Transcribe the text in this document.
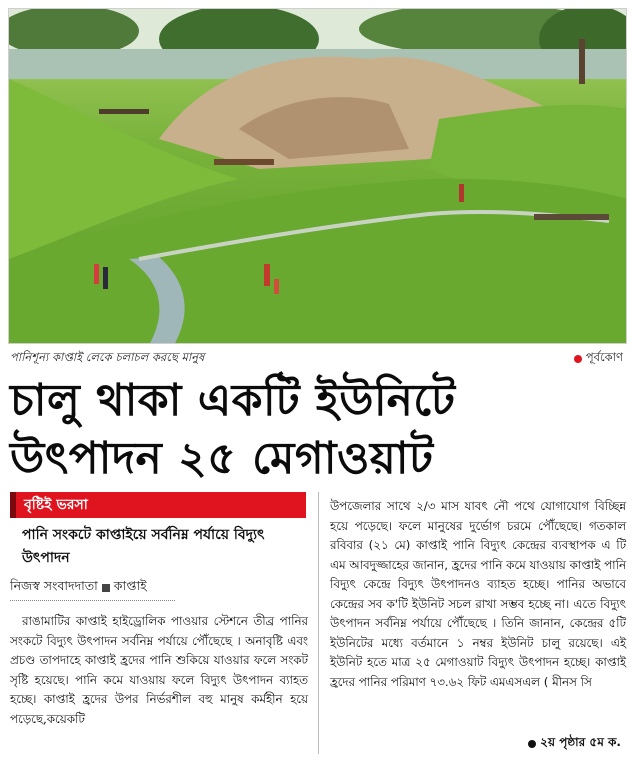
পানিশূন্য কাপ্তাই লেকে চলাচল করছে মানুষ	পূর্বকোণ
চালু থাকা একটি ইউনিটে
উৎপাদন ২৫ মেগাওয়াট
বৃষ্টিই ভরসা
পানি সংকটে কাপ্তাইয়ে সর্বনিম্ন পর্যায়ে বিদ্যুৎ উৎপাদন
নিজস্ব সংবাদদাতা কাপ্তাই

রাঙামাটির কাপ্তাই হাইড্রোলিক পাওয়ার স্টেশনে তীব্র পানির সংকটে বিদ্যুৎ উৎপাদন সর্বনিম্ন পর্যায়ে পৌঁছেছে । অনাবৃষ্টি এবং প্রচণ্ড তাপদাহে কাপ্তাই হ্রদের পানি শুকিয়ে যাওয়ার ফলে সংকট সৃষ্টি হয়েছে। পানি কমে যাওয়ায় ফলে বিদ্যুৎ উৎপাদন ব্যাহত হচ্ছে। কাপ্তাই হ্রদের উপর নির্ভরশীল বহু মানুষ কর্মহীন হয়ে পড়েছে,কয়েকটি

উপজেলার সাথে ২/৩ মাস যাবৎ নৌ পথে যোগাযোগ বিচ্ছিন্ন হয়ে পড়েছে। ফলে মানুষের দুর্ভোগ চরমে পৌঁছেছে। গতকাল রবিবার (২১ মে) কাপ্তাই পানি বিদ্যুৎ কেন্দ্রের ব্যবস্থাপক এ টি এম আবদুজ্জাহের জানান, হ্রদের পানি কমে যাওয়ায় কাপ্তাই পানি বিদ্যুৎ কেন্দ্রে বিদ্যুৎ উৎপাদনও ব্যাহত হচ্ছে। পানির অভাবে কেন্দ্রের সব ক'টি ইউনিট সচল রাখা সম্ভব হচ্ছে না। এতে বিদ্যুৎ উৎপাদন সর্বনিম্ন পর্যায়ে পৌঁছেছে । তিনি জানান, কেন্দ্রের ৫টি ইউনিটের মধ্যে বর্তমানে ১ নম্বর ইউনিট চালু রয়েছে। এই ইউনিট হতে মাত্র ২৫ মেগাওয়াট বিদ্যুৎ উৎপাদন হচ্ছে। কাপ্তাই হ্রদের পানির পরিমাণ ৭৩.৬২ ফিট এমএসএল ( মীনস সি

২য় পৃষ্ঠার ৫ম ক.
